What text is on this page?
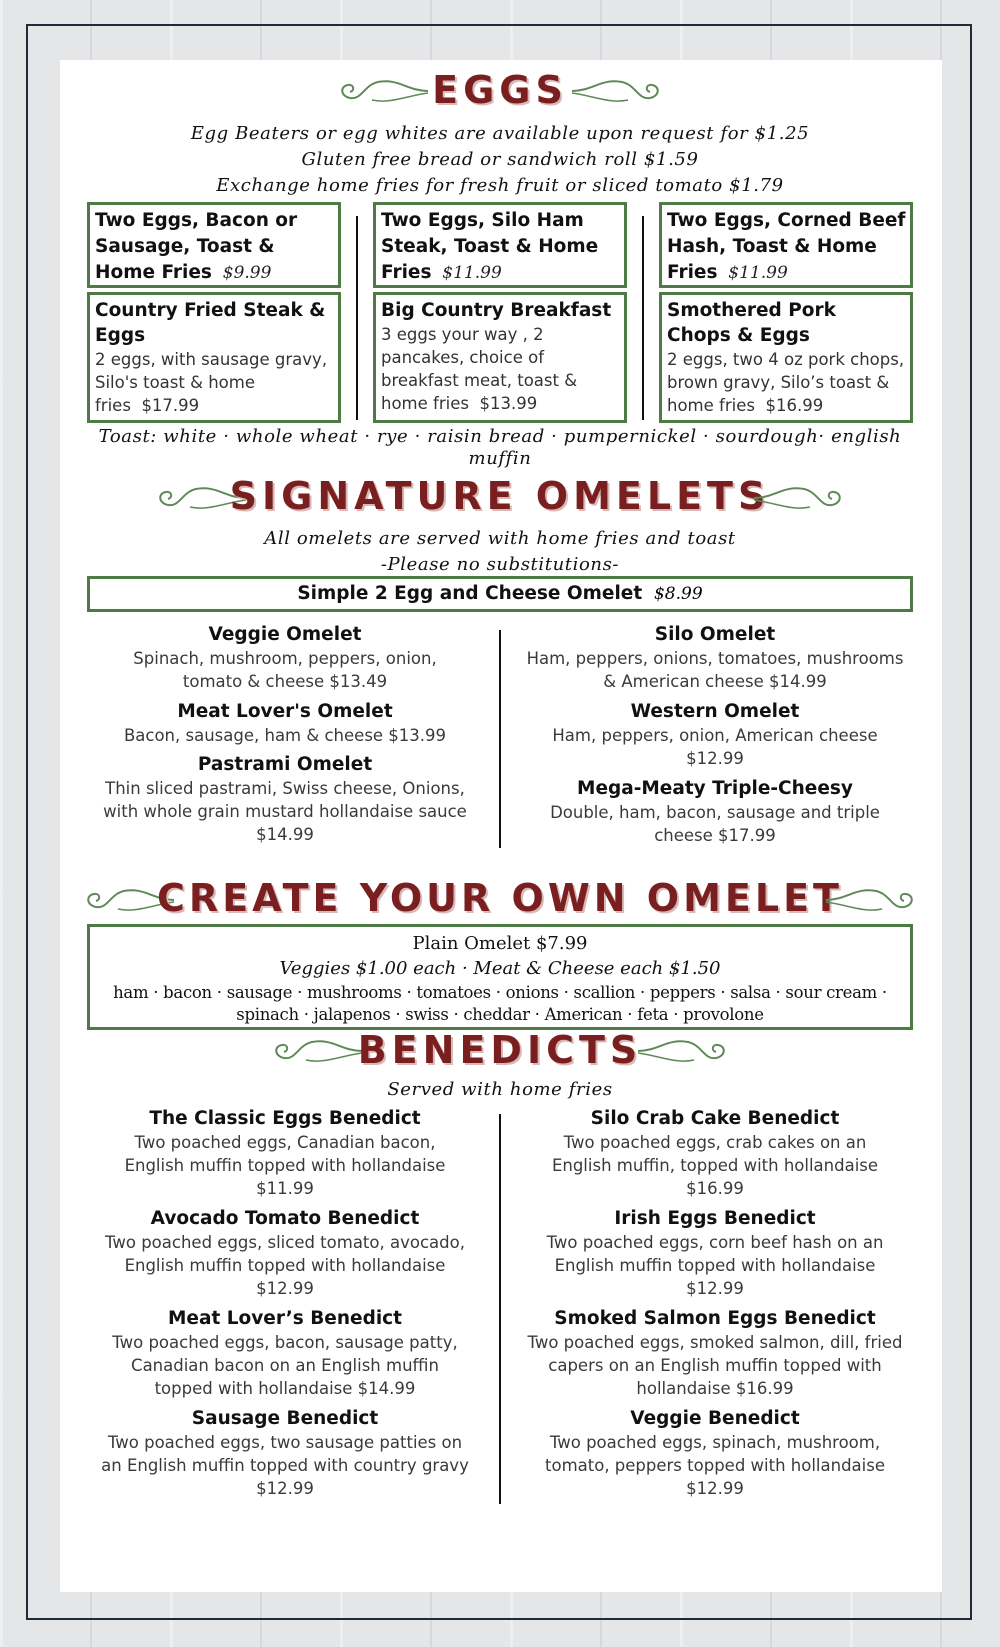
EGGS
Egg Beaters or egg whites are available upon request for $1.25
Gluten free bread or sandwich roll $1.59
Exchange home fries for fresh fruit or sliced tomato $1.79
Two Eggs, Bacon or Sausage, Toast & Home Fries $9.99
Two Eggs, Silo Ham Steak, Toast & Home Fries $11.99
Two Eggs, Corned Beef Hash, Toast & Home Fries $11.99
Country Fried Steak & Eggs
2 eggs, with sausage gravy, Silo's toast & home fries $17.99
Big Country Breakfast
3 eggs your way , 2 pancakes, choice of breakfast meat, toast & home fries $13.99
Smothered Pork Chops & Eggs
2 eggs, two 4 oz pork chops, brown gravy, Silo’s toast & home fries $16.99
Toast: white · whole wheat · rye · raisin bread · pumpernickel · sourdough· english muffin
SIGNATURE OMELETS
All omelets are served with home fries and toast
-Please no substitutions-
Simple 2 Egg and Cheese Omelet $8.99
Veggie Omelet
Spinach, mushroom, peppers, onion, tomato & cheese $13.49
Meat Lover's Omelet
Bacon, sausage, ham & cheese $13.99
Pastrami Omelet
Thin sliced pastrami, Swiss cheese, Onions, with whole grain mustard hollandaise sauce $14.99
Silo Omelet
Ham, peppers, onions, tomatoes, mushrooms & American cheese $14.99
Western Omelet
Ham, peppers, onion, American cheese $12.99
Mega-Meaty Triple-Cheesy
Double, ham, bacon, sausage and triple cheese $17.99
CREATE YOUR OWN OMELET
Plain Omelet $7.99
Veggies $1.00 each · Meat & Cheese each $1.50
ham · bacon · sausage · mushrooms · tomatoes · onions · scallion · peppers · salsa · sour cream · spinach · jalapenos · swiss · cheddar · American · feta · provolone
BENEDICTS
Served with home fries
The Classic Eggs Benedict
Two poached eggs, Canadian bacon, English muffin topped with hollandaise $11.99
Avocado Tomato Benedict
Two poached eggs, sliced tomato, avocado, English muffin topped with hollandaise $12.99
Meat Lover’s Benedict
Two poached eggs, bacon, sausage patty, Canadian bacon on an English muffin topped with hollandaise $14.99
Sausage Benedict
Two poached eggs, two sausage patties on an English muffin topped with country gravy $12.99
Silo Crab Cake Benedict
Two poached eggs, crab cakes on an English muffin, topped with hollandaise $16.99
Irish Eggs Benedict
Two poached eggs, corn beef hash on an English muffin topped with hollandaise $12.99
Smoked Salmon Eggs Benedict
Two poached eggs, smoked salmon, dill, fried capers on an English muffin topped with hollandaise $16.99
Veggie Benedict
Two poached eggs, spinach, mushroom, tomato, peppers topped with hollandaise $12.99
